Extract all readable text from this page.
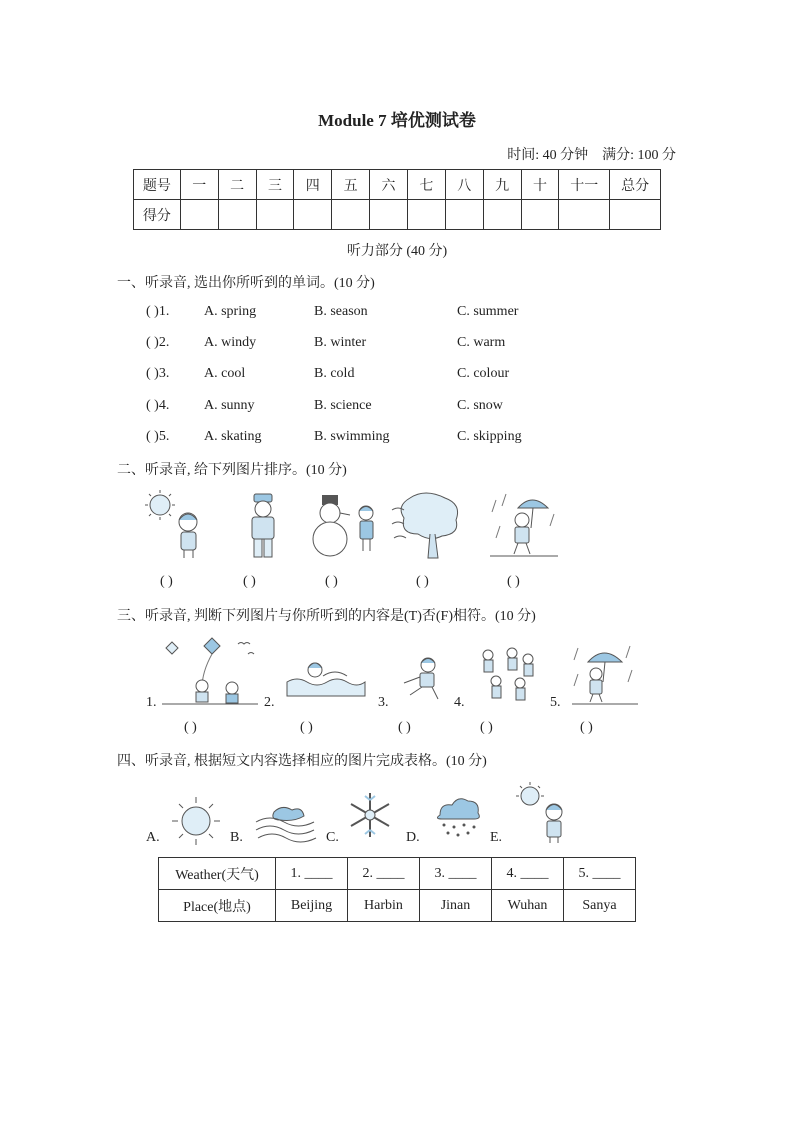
Module 7 培优测试卷
时间: 40 分钟    满分: 100 分
题号	一	二	三	四	五	六	七	八	九	十	十一	总分
得分												
听力部分 (40 分)
一、听录音, 选出你所听到的单词。(10 分)
( )1. A. spring	B. season	C. summer
( )2. A. windy	B. winter	C. warm
( )3. A. cool	B. cold	C. colour
( )4. A. sunny	B. science	C. snow
( )5. A. skating	B. swimming	C. skipping
二、听录音, 给下列图片排序。(10 分)
( )	( )	( )	( )	( )
三、听录音, 判断下列图片与你所听到的内容是(T)否(F)相符。(10 分)
1.	2.	3.	4.	5.
( )	( )	( )	( )	( )
四、听录音, 根据短文内容选择相应的图片完成表格。(10 分)
A.	B.	C.	D.	E.
Weather(天气)	1. ____	2. ____	3. ____	4. ____	5. ____
Place(地点)	Beijing	Harbin	Jinan	Wuhan	Sanya
